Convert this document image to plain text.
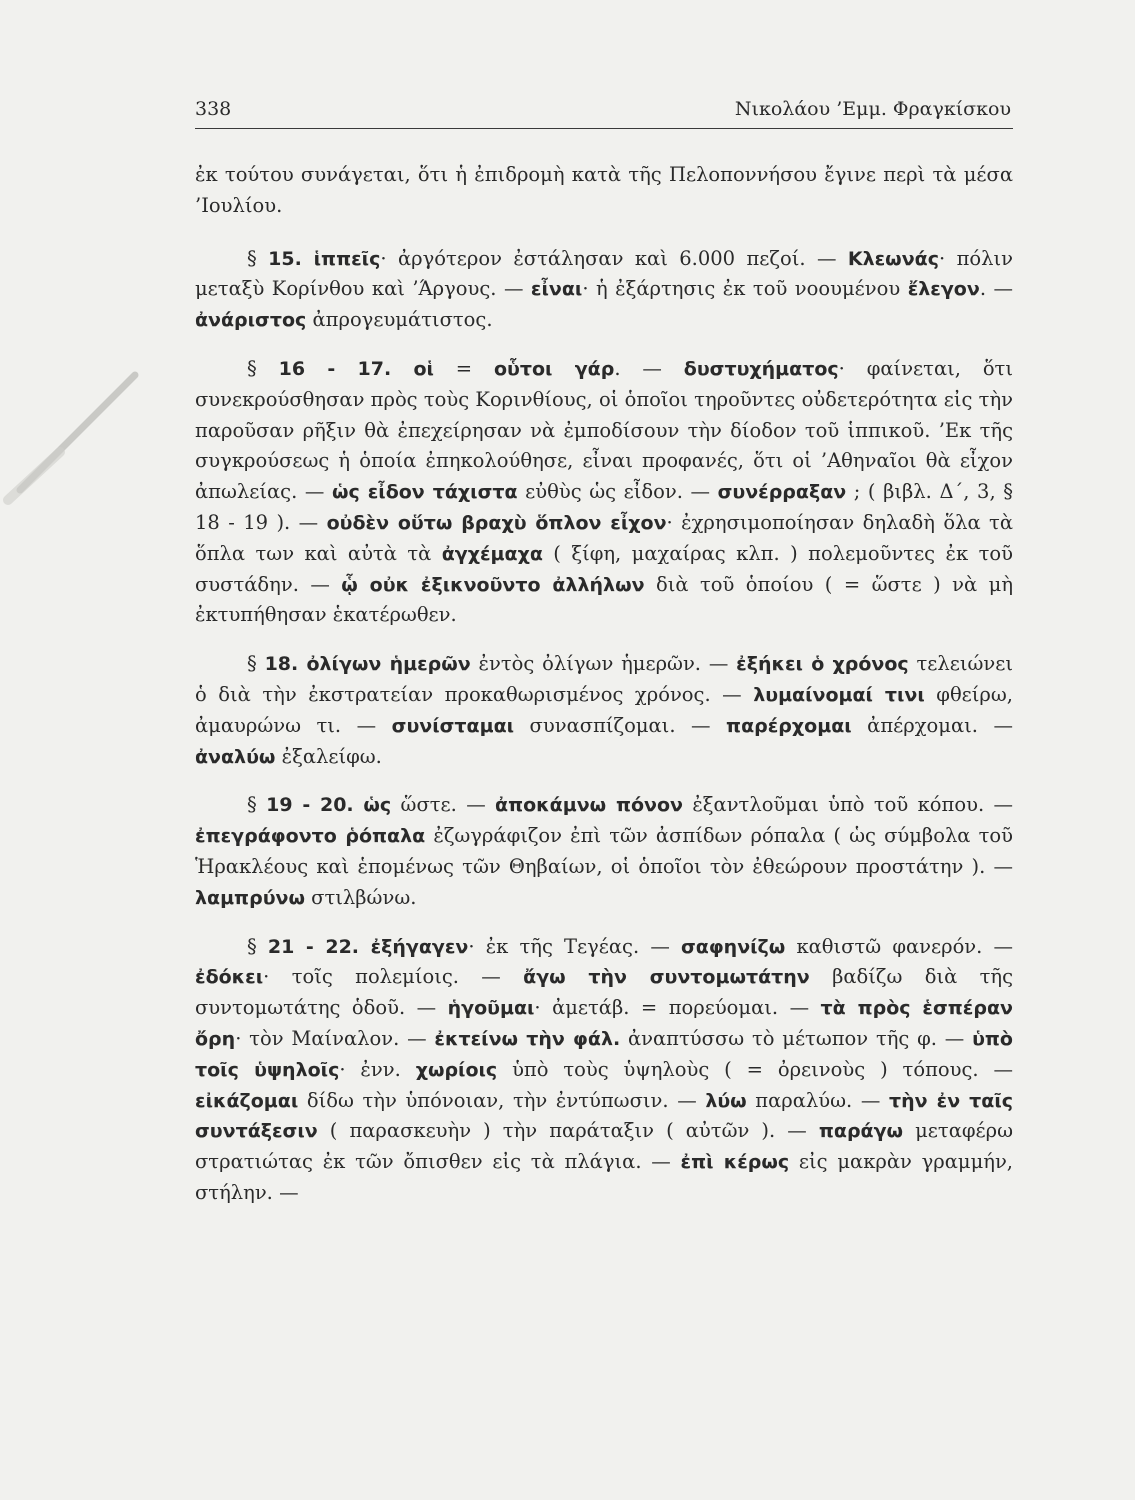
338	Νικολάου ’Εμμ. Φραγκίσκου

ἐκ τούτου συνάγεται, ὅτι ἡ ἐπιδρομὴ κατὰ τῆς Πελοποννήσου ἔγινε περὶ τὰ μέσα ’Ιουλίου.

§ 15. ἱππεῖς· ἀργότερον ἐστάλησαν καὶ 6.000 πεζοί. — Κλεωνάς· πόλιν μεταξὺ Κορίνθου καὶ ’Άργους. — εἶναι· ἡ ἐξάρτησις ἐκ τοῦ νοουμένου ἔλεγον. — ἀνάριστος ἀπρογευμάτιστος.

§ 16 - 17. οἱ = οὗτοι γάρ. — δυστυχήματος· φαίνεται, ὅτι συνεκρούσθησαν πρὸς τοὺς Κορινθίους, οἱ ὁποῖοι τηροῦντες οὐδετερότητα εἰς τὴν παροῦσαν ρῆξιν θὰ ἐπεχείρησαν νὰ ἐμποδίσουν τὴν δίοδον τοῦ ἱππικοῦ. ’Εκ τῆς συγκρούσεως ἡ ὁποία ἐπηκολούθησε, εἶναι προφανές, ὅτι οἱ ’Αθηναῖοι θὰ εἶχον ἀπωλείας. — ὡς εἶδον τάχιστα εὐθὺς ὡς εἶδον. — συνέρραξαν ; ( βιβλ. Δ΄, 3, § 18 - 19 ). — οὐδὲν οὕτω βραχὺ ὅπλον εἶχον· ἐχρησιμοποίησαν δηλαδὴ ὅλα τὰ ὅπλα των καὶ αὐτὰ τὰ ἀγχέμαχα ( ξίφη, μαχαίρας κλπ. ) πολεμοῦντες ἐκ τοῦ συστάδην. — ᾧ οὐκ ἐξικνοῦντο ἀλλήλων διὰ τοῦ ὁποίου ( = ὥστε ) νὰ μὴ ἐκτυπήθησαν ἑκατέρωθεν.

§ 18. ὀλίγων ἡμερῶν ἐντὸς ὀλίγων ἡμερῶν. — ἐξήκει ὁ χρόνος τελειώνει ὁ διὰ τὴν ἐκστρατείαν προκαθωρισμένος χρόνος. — λυμαίνομαί τινι φθείρω, ἀμαυρώνω τι. — συνίσταμαι συνασπίζομαι. — παρέρχομαι ἀπέρχομαι. — ἀναλύω ἐξαλείφω.

§ 19 - 20. ὡς ὥστε. — ἀποκάμνω πόνον ἐξαντλοῦμαι ὑπὸ τοῦ κόπου. — ἐπεγράφοντο ῥόπαλα ἐζωγράφιζον ἐπὶ τῶν ἀσπίδων ρόπαλα ( ὡς σύμβολα τοῦ Ἡρακλέους καὶ ἑπομένως τῶν Θηβαίων, οἱ ὁποῖοι τὸν ἐθεώρουν προστάτην ). — λαμπρύνω στιλβώνω.

§ 21 - 22. ἐξήγαγεν· ἐκ τῆς Τεγέας. — σαφηνίζω καθιστῶ φανερόν. — ἐδόκει· τοῖς πολεμίοις. — ἄγω τὴν συντομωτάτην βαδίζω διὰ τῆς συντομωτάτης ὁδοῦ. — ἡγοῦμαι· ἀμετάβ. = πορεύομαι. — τὰ πρὸς ἑσπέραν ὄρη· τὸν Μαίναλον. — ἐκτείνω τὴν φάλ. ἀναπτύσσω τὸ μέτωπον τῆς φ. — ὑπὸ τοῖς ὑψηλοῖς· ἐνν. χωρίοις ὑπὸ τοὺς ὑψηλοὺς ( = ὀρεινοὺς ) τόπους. — εἰκάζομαι δίδω τὴν ὑπόνοιαν, τὴν ἐντύπωσιν. — λύω παραλύω. — τὴν ἐν ταῖς συντάξεσιν ( παρασκευὴν ) τὴν παράταξιν ( αὐτῶν ). — παράγω μεταφέρω στρατιώτας ἐκ τῶν ὄπισθεν εἰς τὰ πλάγια. — ἐπὶ κέρως εἰς μακρὰν γραμμήν, στήλην. —
